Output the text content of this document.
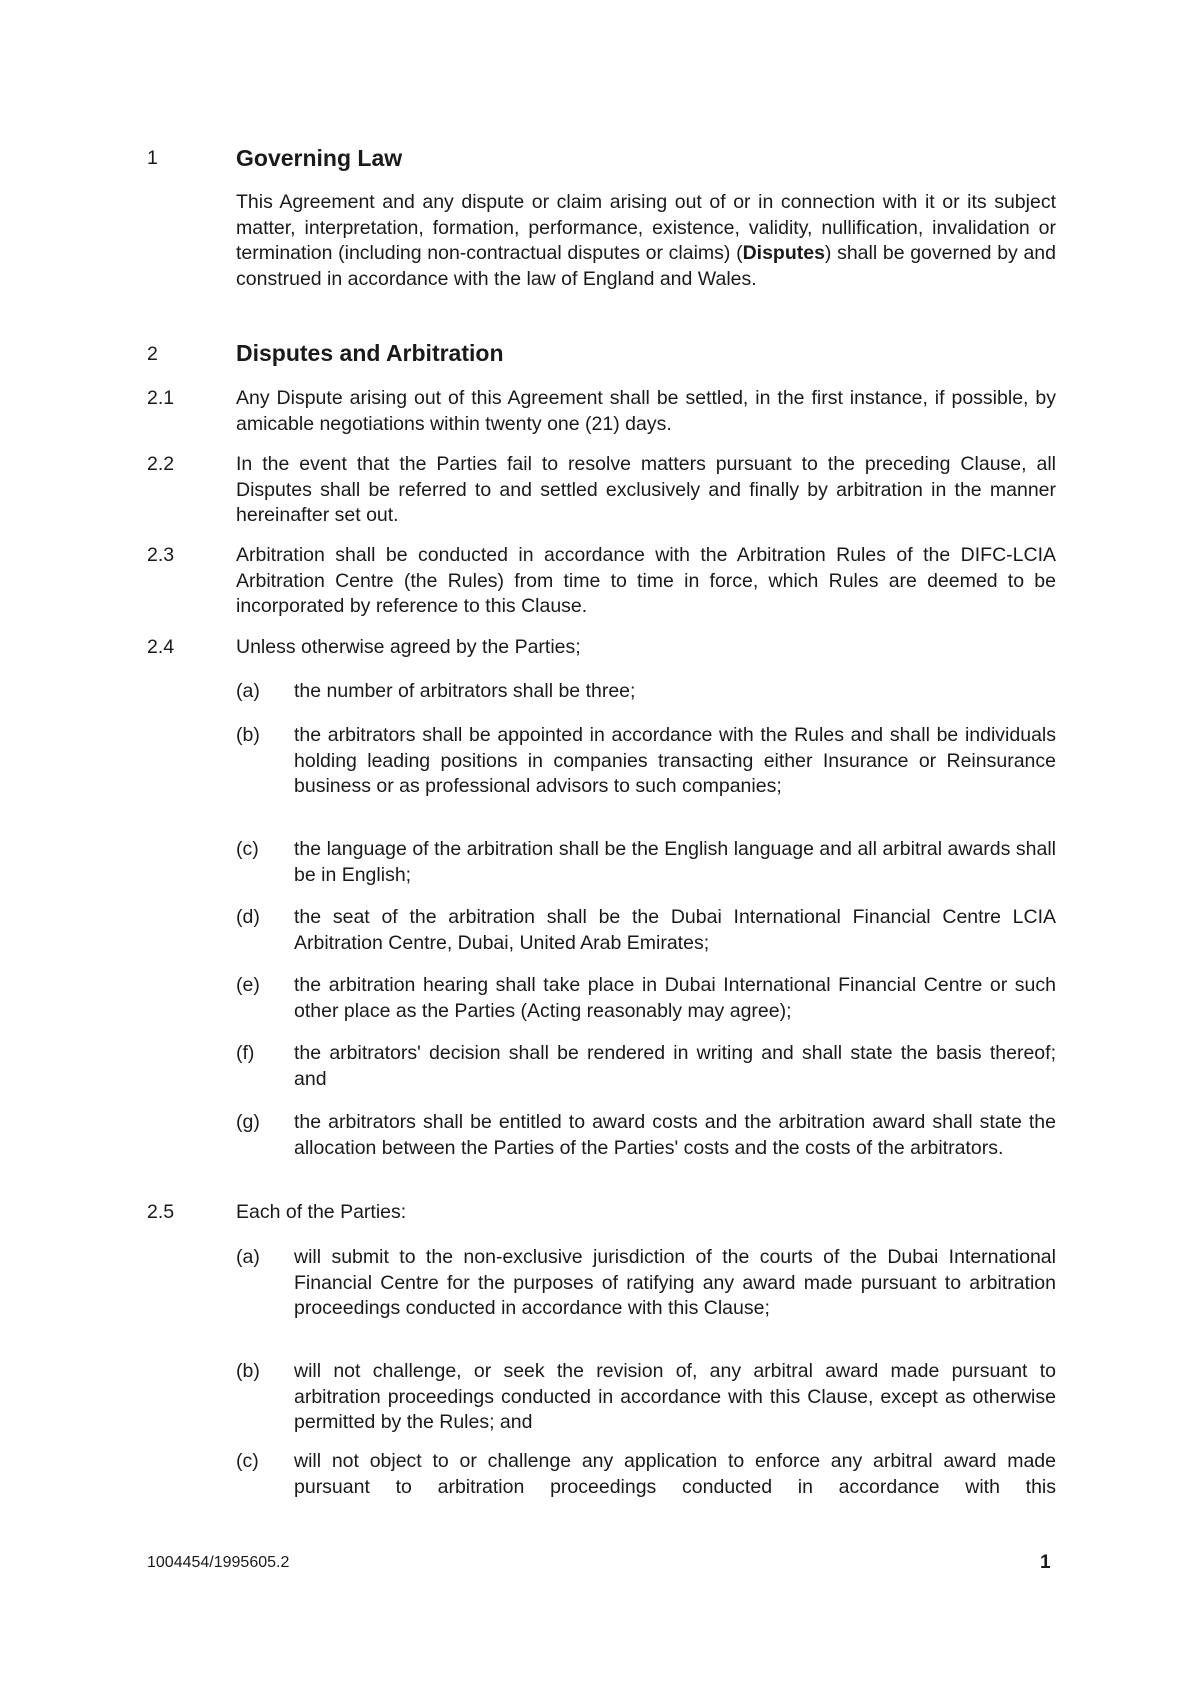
1	Governing Law
This Agreement and any dispute or claim arising out of or in connection with it or its subject matter, interpretation, formation, performance, existence, validity, nullification, invalidation or termination (including non-contractual disputes or claims) (Disputes) shall be governed by and construed in accordance with the law of England and Wales.
2	Disputes and Arbitration
2.1	Any Dispute arising out of this Agreement shall be settled, in the first instance, if possible, by amicable negotiations within twenty one (21) days.
2.2	In the event that the Parties fail to resolve matters pursuant to the preceding Clause, all Disputes shall be referred to and settled exclusively and finally by arbitration in the manner hereinafter set out.
2.3	Arbitration shall be conducted in accordance with the Arbitration Rules of the DIFC-LCIA Arbitration Centre (the Rules) from time to time in force, which Rules are deemed to be incorporated by reference to this Clause.
2.4	Unless otherwise agreed by the Parties;
(a) the number of arbitrators shall be three;
(b) the arbitrators shall be appointed in accordance with the Rules and shall be individuals holding leading positions in companies transacting either Insurance or Reinsurance business or as professional advisors to such companies;
(c) the language of the arbitration shall be the English language and all arbitral awards shall be in English;
(d) the seat of the arbitration shall be the Dubai International Financial Centre LCIA Arbitration Centre, Dubai, United Arab Emirates;
(e) the arbitration hearing shall take place in Dubai International Financial Centre or such other place as the Parties (Acting reasonably may agree);
(f) the arbitrators' decision shall be rendered in writing and shall state the basis thereof; and
(g) the arbitrators shall be entitled to award costs and the arbitration award shall state the allocation between the Parties of the Parties' costs and the costs of the arbitrators.
2.5	Each of the Parties:
(a) will submit to the non-exclusive jurisdiction of the courts of the Dubai International Financial Centre for the purposes of ratifying any award made pursuant to arbitration proceedings conducted in accordance with this Clause;
(b) will not challenge, or seek the revision of, any arbitral award made pursuant to arbitration proceedings conducted in accordance with this Clause, except as otherwise permitted by the Rules; and
(c) will not object to or challenge any application to enforce any arbitral award made pursuant to arbitration proceedings conducted in accordance with this
1004454/1995605.2	1
